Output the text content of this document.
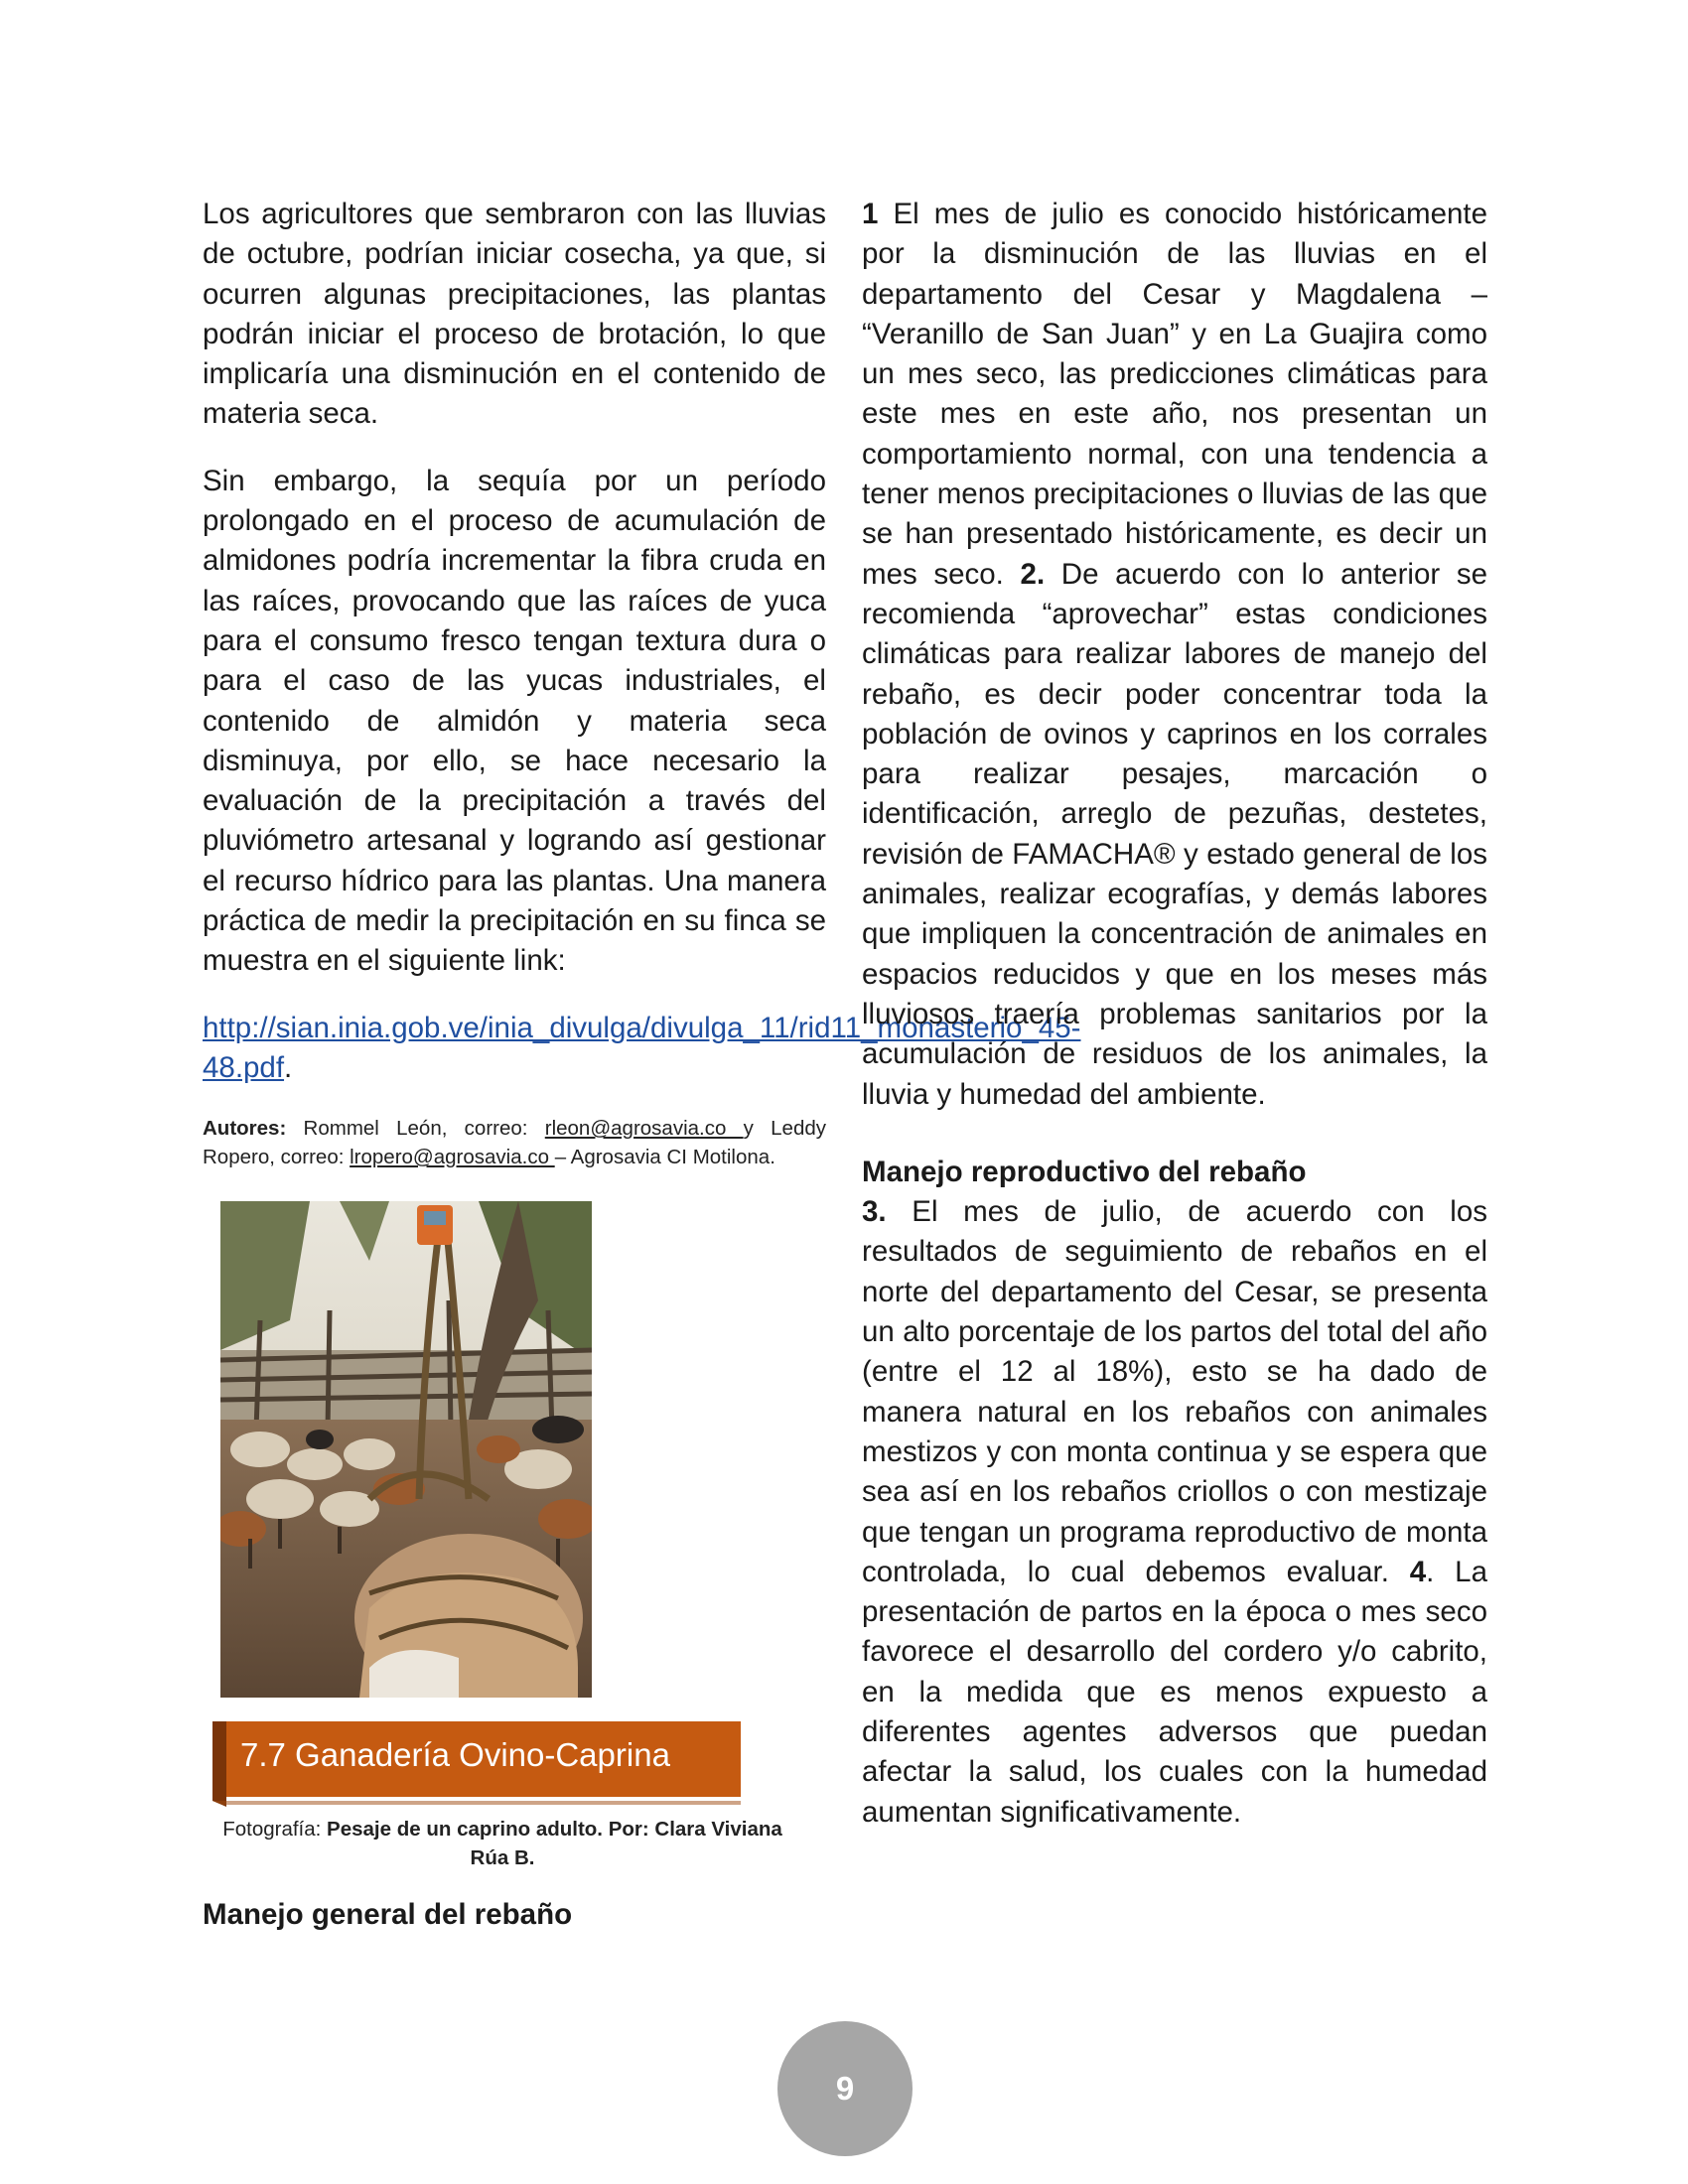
Los agricultores que sembraron con las lluvias de octubre, podrían iniciar cosecha, ya que, si ocurren algunas precipitaciones, las plantas podrán iniciar el proceso de brotación, lo que implicaría una disminución en el contenido de materia seca.

Sin embargo, la sequía por un período prolongado en el proceso de acumulación de almidones podría incrementar la fibra cruda en las raíces, provocando que las raíces de yuca para el consumo fresco tengan textura dura o para el caso de las yucas industriales, el contenido de almidón y materia seca disminuya, por ello, se hace necesario la evaluación de la precipitación a través del pluviómetro artesanal y logrando así gestionar el recurso hídrico para las plantas. Una manera práctica de medir la precipitación en su finca se muestra en el siguiente link:

http://sian.inia.gob.ve/inia_divulga/divulga_11/rid11_monasterio_45-48.pdf.
Autores: Rommel León, correo: rleon@agrosavia.co y Leddy Ropero, correo: lropero@agrosavia.co – Agrosavia CI Motilona.
7.7 Ganadería Ovino-Caprina
Fotografía: Pesaje de un caprino adulto. Por: Clara Viviana Rúa B.
Manejo general del rebaño

1 El mes de julio es conocido históricamente por la disminución de las lluvias en el departamento del Cesar y Magdalena – “Veranillo de San Juan” y en La Guajira como un mes seco, las predicciones climáticas para este mes en este año, nos presentan un comportamiento normal, con una tendencia a tener menos precipitaciones o lluvias de las que se han presentado históricamente, es decir un mes seco. 2. De acuerdo con lo anterior se recomienda “aprovechar” estas condiciones climáticas para realizar labores de manejo del rebaño, es decir poder concentrar toda la población de ovinos y caprinos en los corrales para realizar pesajes, marcación o identificación, arreglo de pezuñas, destetes, revisión de FAMACHA® y estado general de los animales, realizar ecografías, y demás labores que impliquen la concentración de animales en espacios reducidos y que en los meses más lluviosos traería problemas sanitarios por la acumulación de residuos de los animales, la lluvia y humedad del ambiente.

Manejo reproductivo del rebaño

3. El mes de julio, de acuerdo con los resultados de seguimiento de rebaños en el norte del departamento del Cesar, se presenta un alto porcentaje de los partos del total del año (entre el 12 al 18%), esto se ha dado de manera natural en los rebaños con animales mestizos y con monta continua y se espera que sea así en los rebaños criollos o con mestizaje que tengan un programa reproductivo de monta controlada, lo cual debemos evaluar. 4. La presentación de partos en la época o mes seco favorece el desarrollo del cordero y/o cabrito, en la medida que es menos expuesto a diferentes agentes adversos que puedan afectar la salud, los cuales con la humedad aumentan significativamente.

9
